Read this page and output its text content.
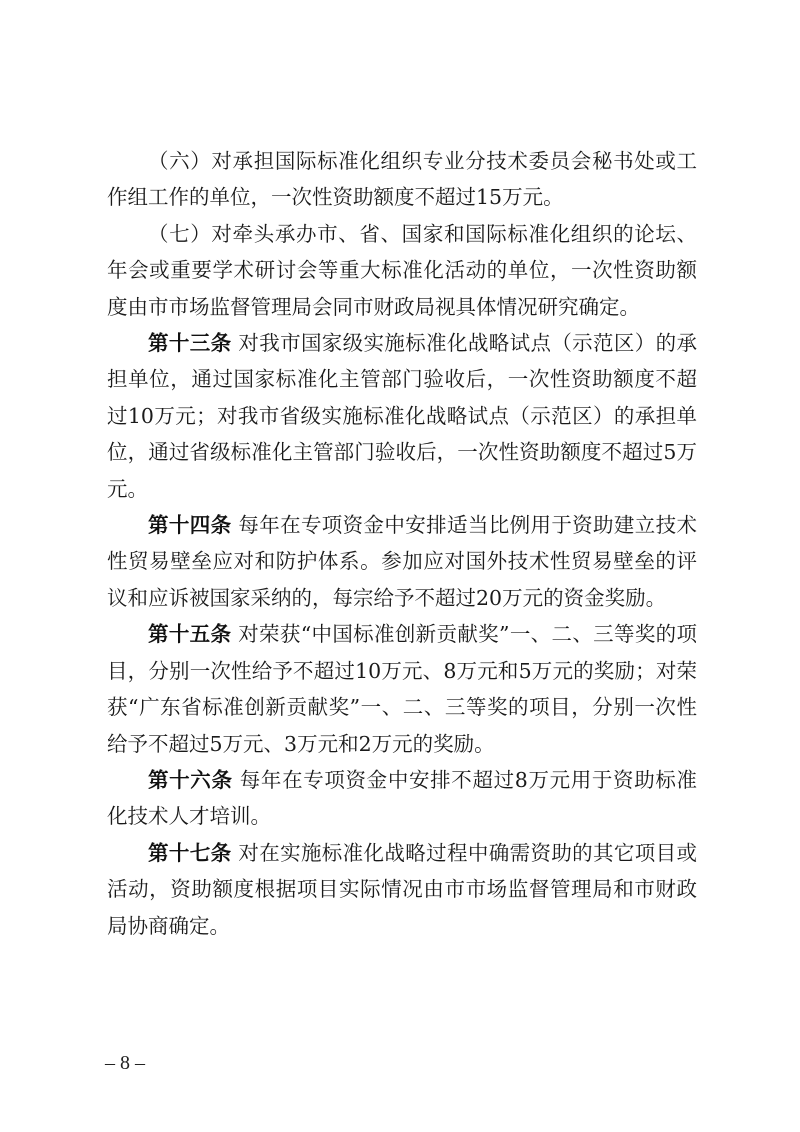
（六）对承担国际标准化组织专业分技术委员会秘书处或工作组工作的单位，一次性资助额度不超过15万元。

（七）对牵头承办市、省、国家和国际标准化组织的论坛、年会或重要学术研讨会等重大标准化活动的单位，一次性资助额度由市市场监督管理局会同市财政局视具体情况研究确定。

第十三条 对我市国家级实施标准化战略试点（示范区）的承担单位，通过国家标准化主管部门验收后，一次性资助额度不超过10万元；对我市省级实施标准化战略试点（示范区）的承担单位，通过省级标准化主管部门验收后，一次性资助额度不超过5万元。

第十四条 每年在专项资金中安排适当比例用于资助建立技术性贸易壁垒应对和防护体系。参加应对国外技术性贸易壁垒的评议和应诉被国家采纳的，每宗给予不超过20万元的资金奖励。

第十五条 对荣获“中国标准创新贡献奖”一、二、三等奖的项目，分别一次性给予不超过10万元、8万元和5万元的奖励；对荣获“广东省标准创新贡献奖”一、二、三等奖的项目，分别一次性给予不超过5万元、3万元和2万元的奖励。

第十六条 每年在专项资金中安排不超过8万元用于资助标准化技术人才培训。

第十七条 对在实施标准化战略过程中确需资助的其它项目或活动，资助额度根据项目实际情况由市市场监督管理局和市财政局协商确定。

– 8 –
